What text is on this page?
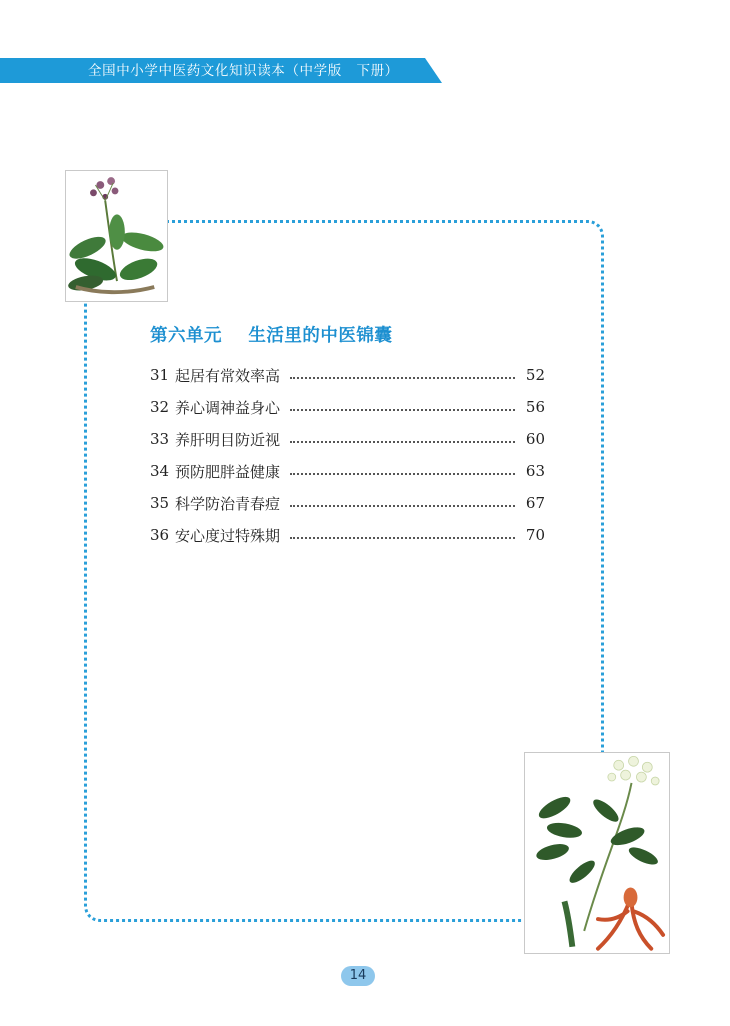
全国中小学中医药文化知识读本（中学版   下册）
第六单元    生活里的中医锦囊
31 起居有常效率高	52
32 养心调神益身心	56
33 养肝明目防近视	60
34 预防肥胖益健康	63
35 科学防治青春痘	67
36 安心度过特殊期	70
14
